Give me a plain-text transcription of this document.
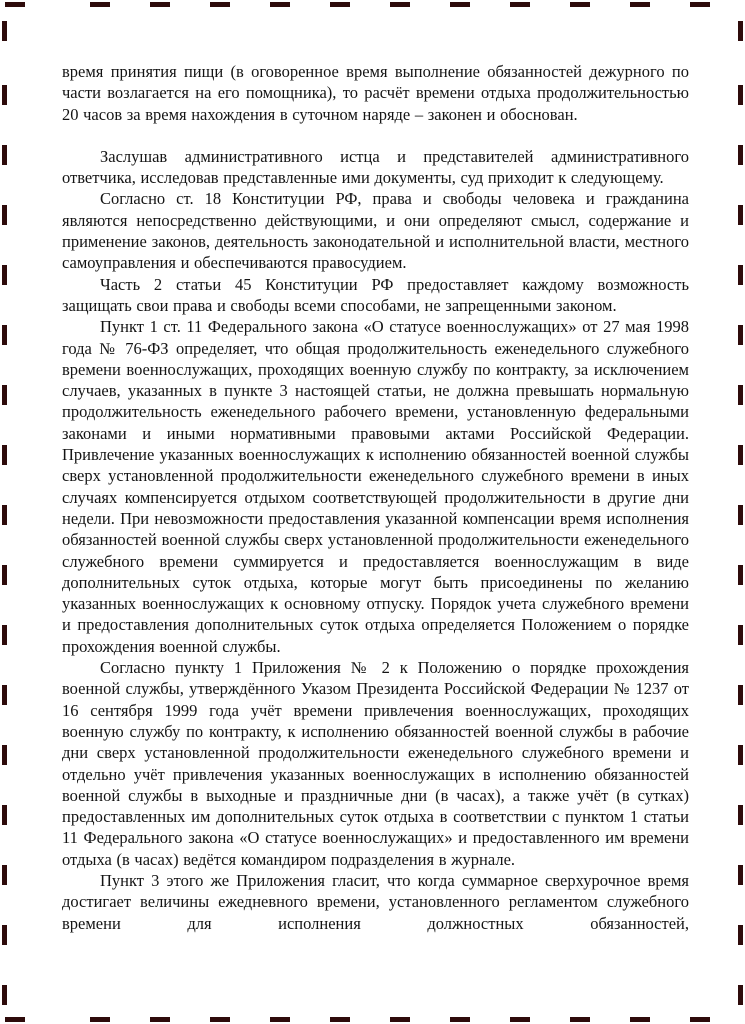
время принятия пищи (в оговоренное время выполнение обязанностей дежурного по части возлагается на его помощника), то расчёт времени отдыха продолжительностью 20 часов за время нахождения в суточном наряде – законен и обоснован.

Заслушав административного истца и представителей административного ответчика, исследовав представленные ими документы, суд приходит к следующему.

Согласно ст. 18 Конституции РФ, права и свободы человека и гражданина являются непосредственно действующими, и они определяют смысл, содержание и применение законов, деятельность законодательной и исполнительной власти, местного самоуправления и обеспечиваются правосудием.

Часть 2 статьи 45 Конституции РФ предоставляет каждому возможность защищать свои права и свободы всеми способами, не запрещенными законом.

Пункт 1 ст. 11 Федерального закона «О статусе военнослужащих» от 27 мая 1998 года № 76-ФЗ определяет, что общая продолжительность еженедельного служебного времени военнослужащих, проходящих военную службу по контракту, за исключением случаев, указанных в пункте 3 настоящей статьи, не должна превышать нормальную продолжительность еженедельного рабочего времени, установленную федеральными законами и иными нормативными правовыми актами Российской Федерации. Привлечение указанных военнослужащих к исполнению обязанностей военной службы сверх установленной продолжительности еженедельного служебного времени в иных случаях компенсируется отдыхом соответствующей продолжительности в другие дни недели. При невозможности предоставления указанной компенсации время исполнения обязанностей военной службы сверх установленной продолжительности еженедельного служебного времени суммируется и предоставляется военнослужащим в виде дополнительных суток отдыха, которые могут быть присоединены по желанию указанных военнослужащих к основному отпуску. Порядок учета служебного времени и предоставления дополнительных суток отдыха определяется Положением о порядке прохождения военной службы.

Согласно пункту 1 Приложения № 2 к Положению о порядке прохождения военной службы, утверждённого Указом Президента Российской Федерации № 1237 от 16 сентября 1999 года учёт времени привлечения военнослужащих, проходящих военную службу по контракту, к исполнению обязанностей военной службы в рабочие дни сверх установленной продолжительности еженедельного служебного времени и отдельно учёт привлечения указанных военнослужащих в исполнению обязанностей военной службы в выходные и праздничные дни (в часах), а также учёт (в сутках) предоставленных им дополнительных суток отдыха в соответствии с пунктом 1 статьи 11 Федерального закона «О статусе военнослужащих» и предоставленного им времени отдыха (в часах) ведётся командиром подразделения в журнале.

Пункт 3 этого же Приложения гласит, что когда суммарное сверхурочное время достигает величины ежедневного времени, установленного регламентом служебного времени для исполнения должностных обязанностей,
